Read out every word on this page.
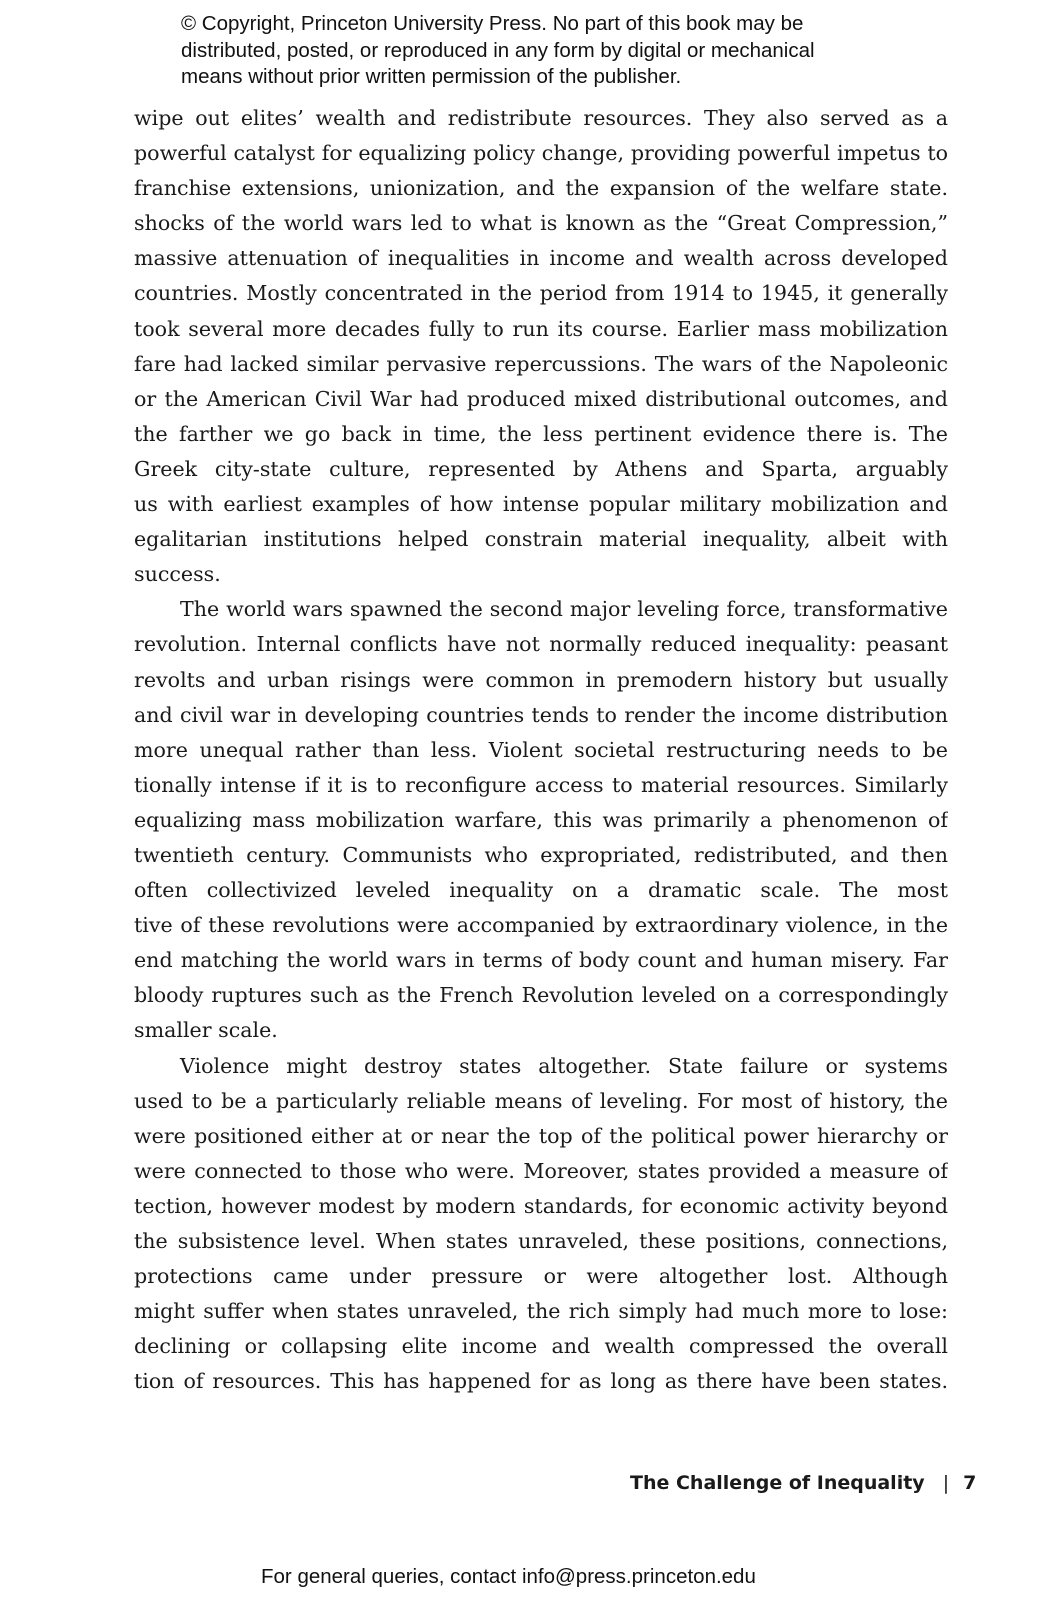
© Copyright, Princeton University Press. No part of this book may be
distributed, posted, or reproduced in any form by digital or mechanical
means without prior written permission of the publisher.
wipe out elites’ wealth and redistribute resources. They also served as a
powerful catalyst for equalizing policy change, providing powerful impetus to
franchise extensions, unionization, and the expansion of the welfare state.
shocks of the world wars led to what is known as the “Great Compression,”
massive attenuation of inequalities in income and wealth across developed
countries. Mostly concentrated in the period from 1914 to 1945, it generally
took several more decades fully to run its course. Earlier mass mobilization
fare had lacked similar pervasive repercussions. The wars of the Napoleonic
or the American Civil War had produced mixed distributional outcomes, and
the farther we go back in time, the less pertinent evidence there is. The
Greek city-state culture, represented by Athens and Sparta, arguably
us with earliest examples of how intense popular military mobilization and
egalitarian institutions helped constrain material inequality, albeit with
success.
The world wars spawned the second major leveling force, transformative
revolution. Internal conflicts have not normally reduced inequality: peasant
revolts and urban risings were common in premodern history but usually
and civil war in developing countries tends to render the income distribution
more unequal rather than less. Violent societal restructuring needs to be
tionally intense if it is to reconfigure access to material resources. Similarly
equalizing mass mobilization warfare, this was primarily a phenomenon of
twentieth century. Communists who expropriated, redistributed, and then
often collectivized leveled inequality on a dramatic scale. The most
tive of these revolutions were accompanied by extraordinary violence, in the
end matching the world wars in terms of body count and human misery. Far
bloody ruptures such as the French Revolution leveled on a correspondingly
smaller scale.
Violence might destroy states altogether. State failure or systems
used to be a particularly reliable means of leveling. For most of history, the
were positioned either at or near the top of the political power hierarchy or
were connected to those who were. Moreover, states provided a measure of
tection, however modest by modern standards, for economic activity beyond
the subsistence level. When states unraveled, these positions, connections,
protections came under pressure or were altogether lost. Although
might suffer when states unraveled, the rich simply had much more to lose:
declining or collapsing elite income and wealth compressed the overall
tion of resources. This has happened for as long as there have been states.
The Challenge of Inequality | 7
For general queries, contact info@press.princeton.edu
